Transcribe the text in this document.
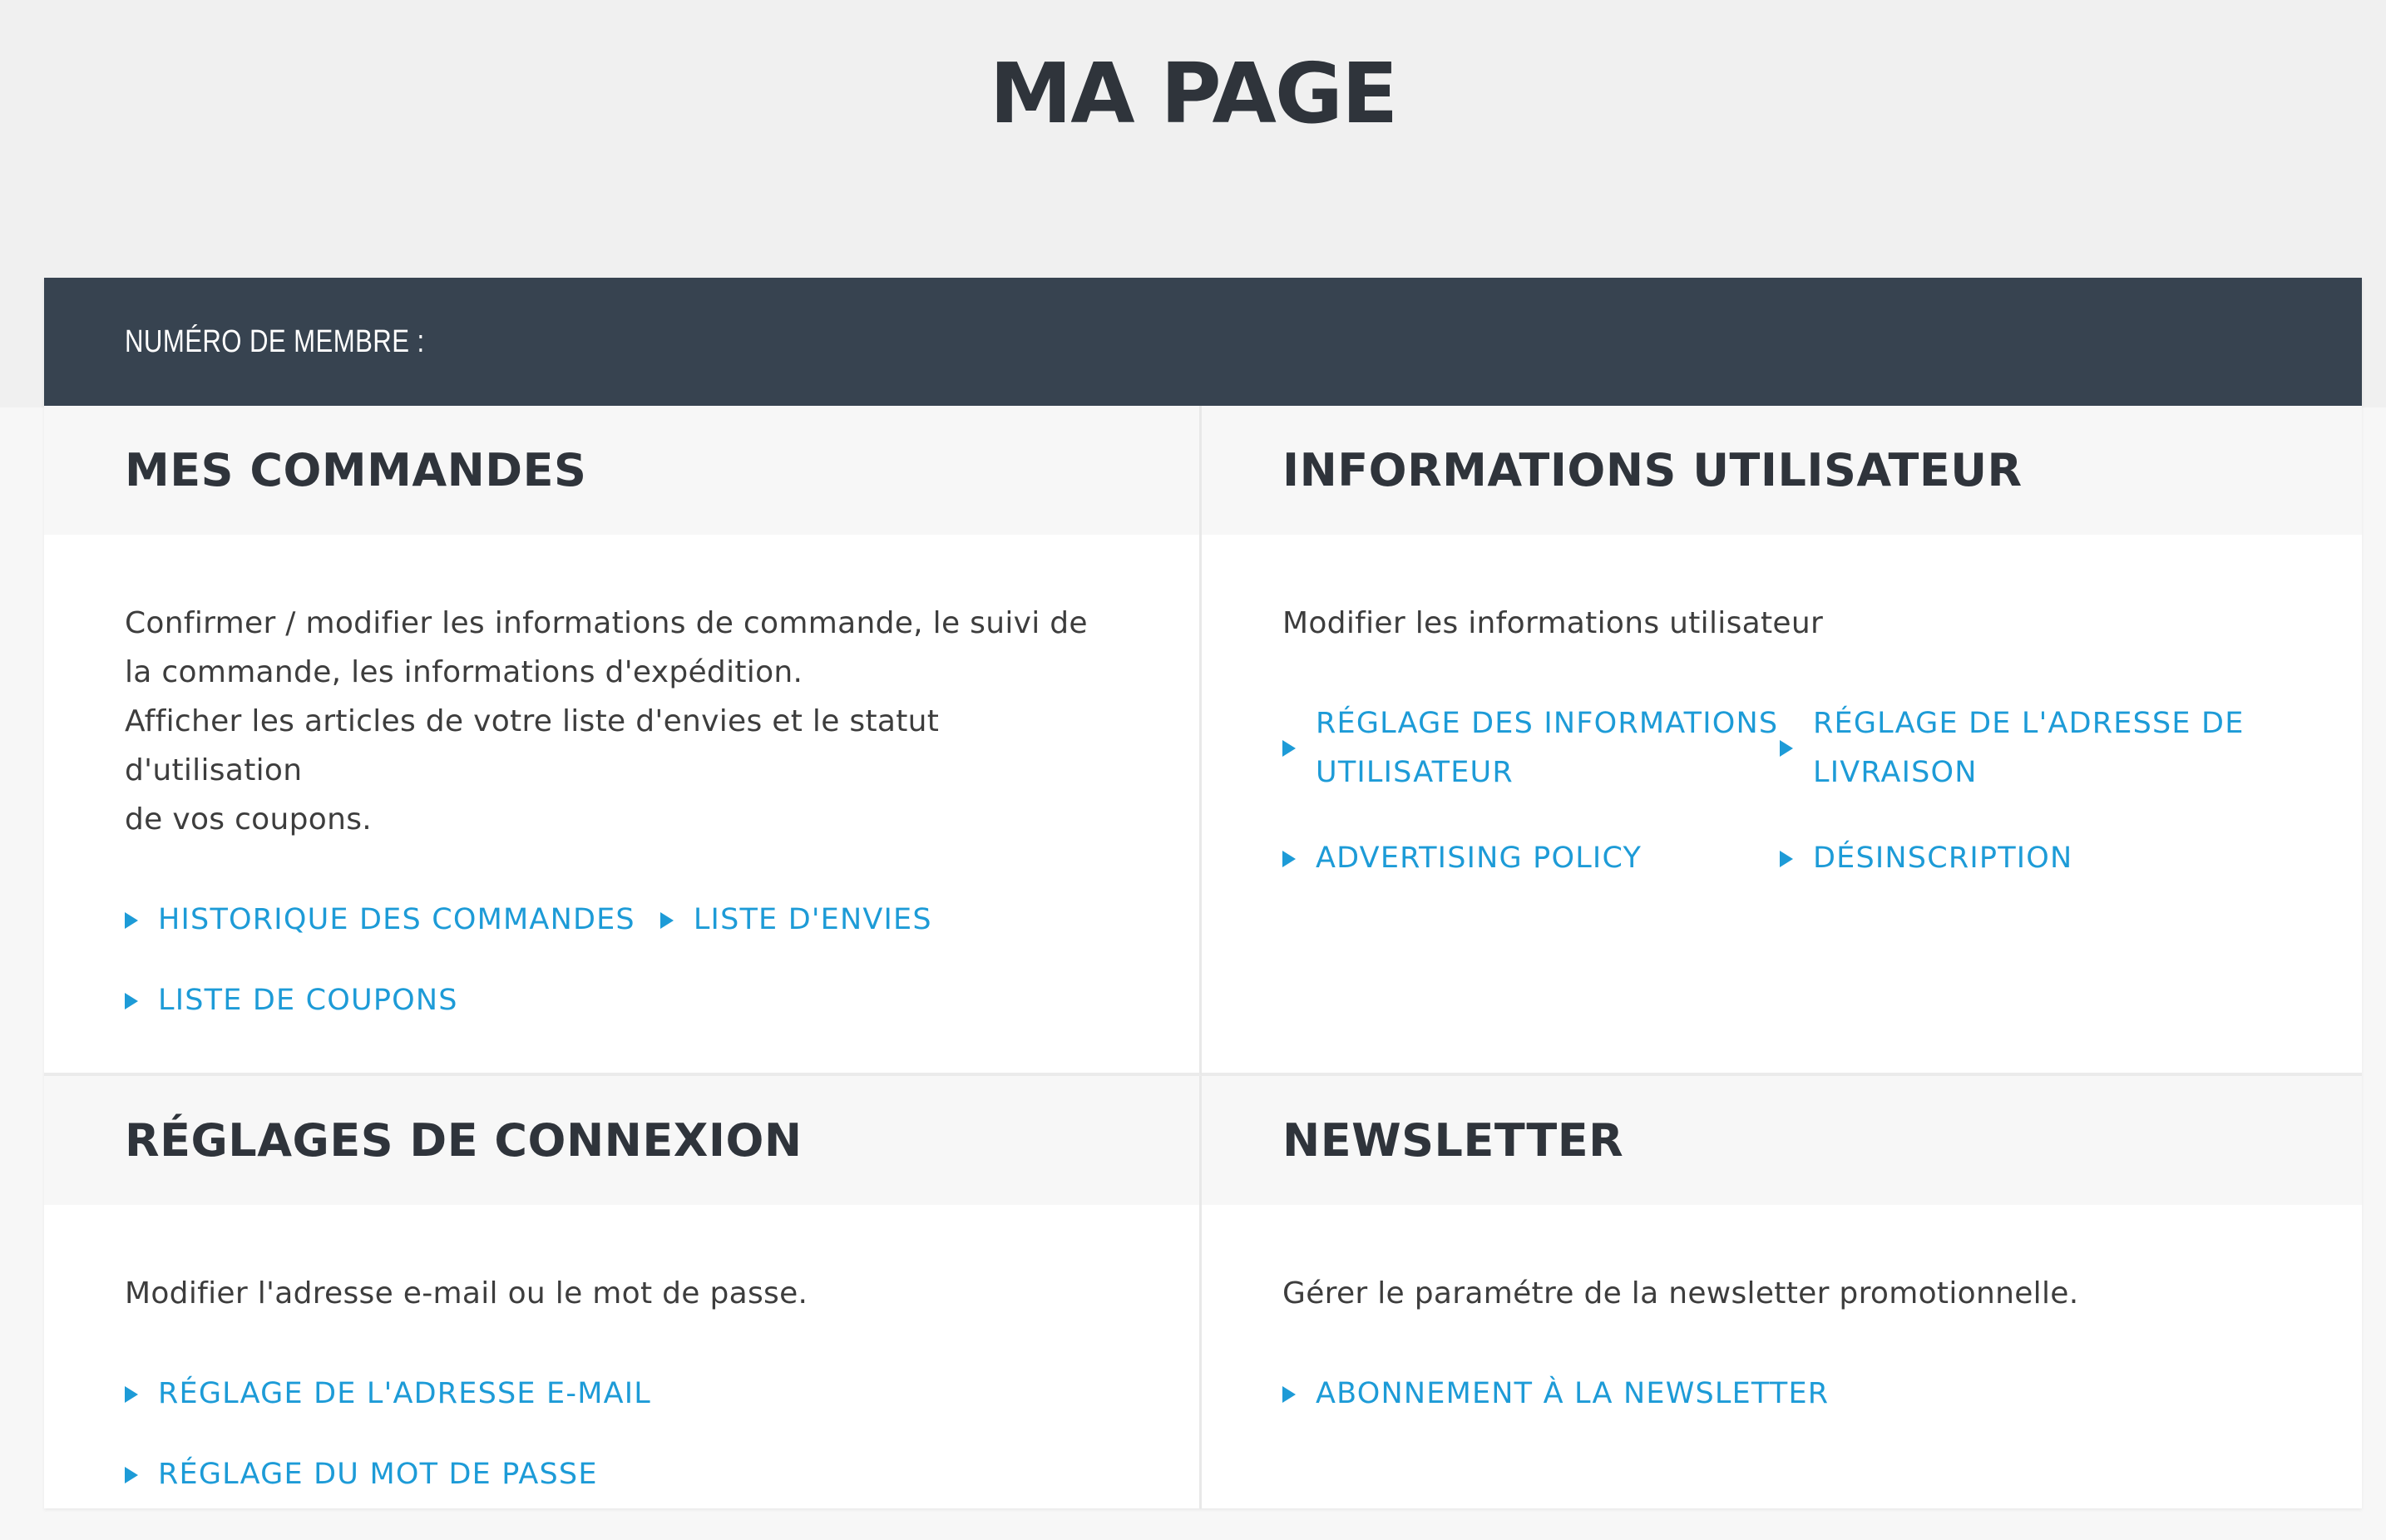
MA PAGE
NUMÉRO DE MEMBRE :
MES COMMANDES

Confirmer / modifier les informations de commande, le suivi de
la commande, les informations d'expédition.
Afficher les articles de votre liste d'envies et le statut d'utilisation
de vos coupons.

HISTORIQUE DES COMMANDES LISTE D'ENVIES
LISTE DE COUPONS
INFORMATIONS UTILISATEUR

Modifier les informations utilisateur

RÉGLAGE DES INFORMATIONS
UTILISATEUR
RÉGLAGE DE L'ADRESSE DE
LIVRAISON
ADVERTISING POLICY	DÉSINSCRIPTION
RÉGLAGES DE CONNEXION

Modifier l'adresse e-mail ou le mot de passe.

RÉGLAGE DE L'ADRESSE E-MAIL
RÉGLAGE DU MOT DE PASSE
NEWSLETTER

Gérer le paramétre de la newsletter promotionnelle.

ABONNEMENT À LA NEWSLETTER
